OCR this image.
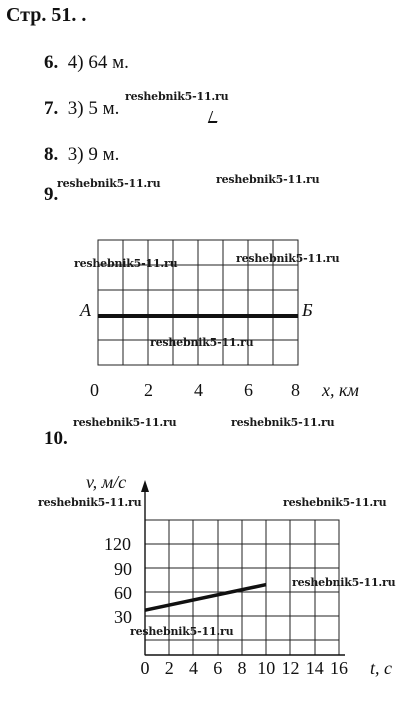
Стр. 51. .
6. 4) 64 м.
7. 3) 5 м.
8. 3) 9 м.
9.
А	Б
0	2 4 6 8 x, км
10.
v, м/с
120
90
60
30
0 2 4 6 8 10 12 14 16 t, с
reshebnik5-11.ru
reshebnik5-11.ru	reshebnik5-11.ru
reshebnik5-11.ru	reshebnik5-11.ru
reshebnik5-11.ru
reshebnik5-11.ru	reshebnik5-11.ru
reshebnik5-11.ru	reshebnik5-11.ru
reshebnik5-11.ru
reshebnik5-11.ru
